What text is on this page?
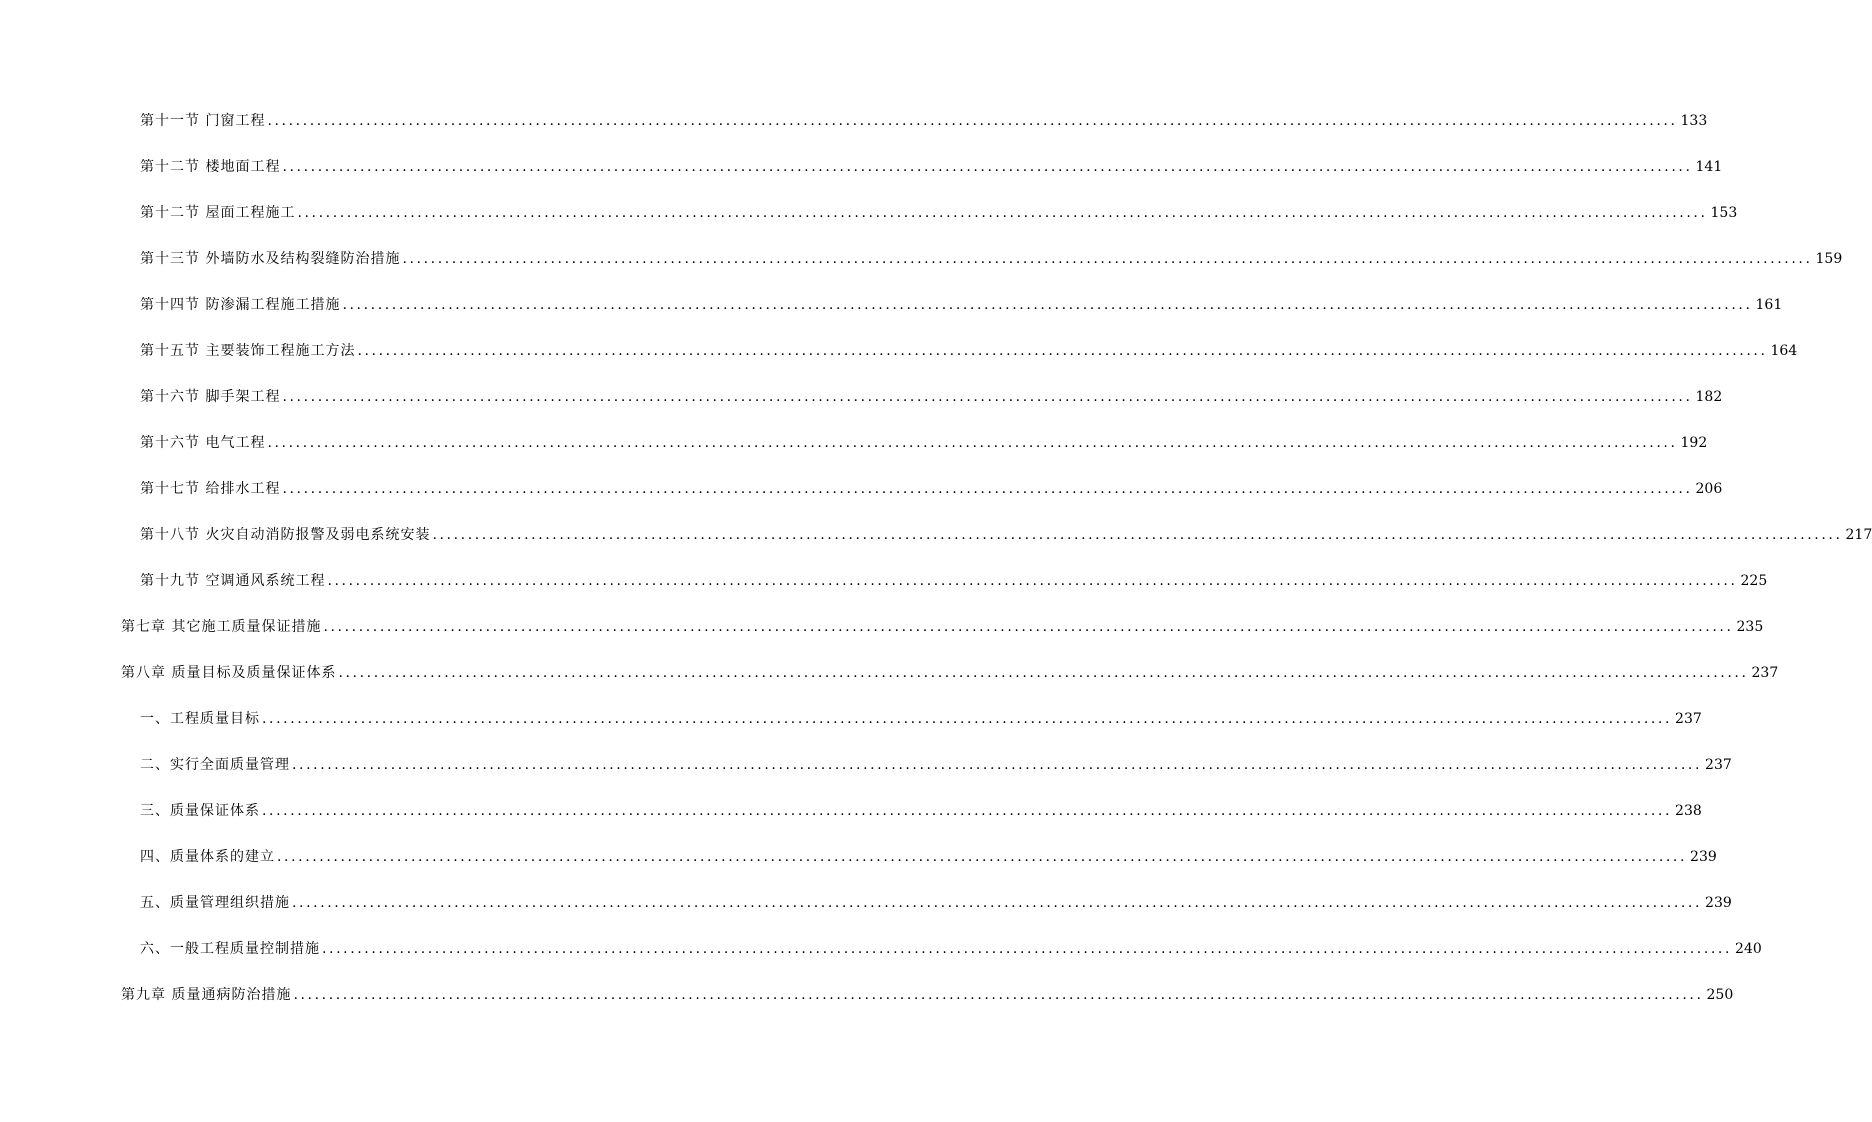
第十一节 门窗工程 ........................................................................................................................................................................................................ 133
第十二节 楼地面工程 ........................................................................................................................................................................................................ 141
第十二节 屋面工程施工 ........................................................................................................................................................................................................ 153
第十三节 外墙防水及结构裂缝防治措施 ........................................................................................................................................................................................................ 159
第十四节 防渗漏工程施工措施 ........................................................................................................................................................................................................ 161
第十五节 主要装饰工程施工方法 ........................................................................................................................................................................................................ 164
第十六节 脚手架工程 ........................................................................................................................................................................................................ 182
第十六节 电气工程 ........................................................................................................................................................................................................ 192
第十七节 给排水工程 ........................................................................................................................................................................................................ 206
第十八节 火灾自动消防报警及弱电系统安装 ........................................................................................................................................................................................................ 217
第十九节 空调通风系统工程 ........................................................................................................................................................................................................ 225
第七章 其它施工质量保证措施 ........................................................................................................................................................................................................ 235
第八章 质量目标及质量保证体系 ........................................................................................................................................................................................................ 237
一、工程质量目标 ........................................................................................................................................................................................................ 237
二、实行全面质量管理 ........................................................................................................................................................................................................ 237
三、质量保证体系 ........................................................................................................................................................................................................ 238
四、质量体系的建立 ........................................................................................................................................................................................................ 239
五、质量管理组织措施 ........................................................................................................................................................................................................ 239
六、一般工程质量控制措施 ........................................................................................................................................................................................................ 240
第九章 质量通病防治措施 ........................................................................................................................................................................................................ 250
